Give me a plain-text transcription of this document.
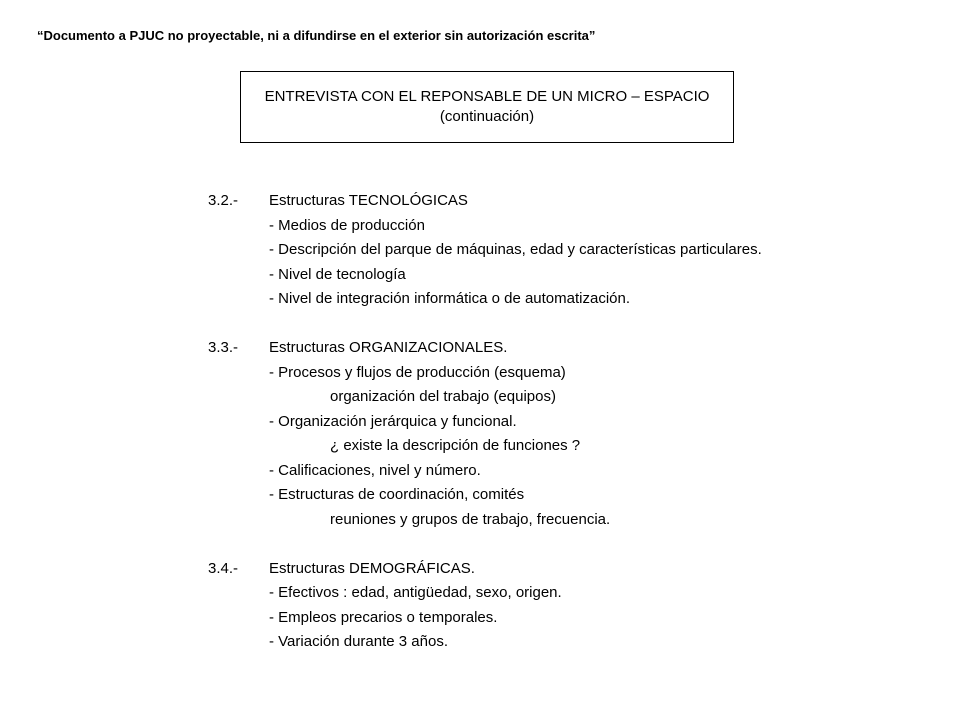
“Documento a PJUC no proyectable, ni a difundirse en el exterior sin autorización escrita”
ENTREVISTA CON EL REPONSABLE DE UN MICRO – ESPACIO
(continuación)
3.2.- Estructuras TECNOLÓGICAS
- Medios de producción
- Descripción del parque de máquinas, edad y características particulares.
- Nivel de tecnología
- Nivel de integración informática o de automatización.
3.3.- Estructuras ORGANIZACIONALES.
- Procesos y flujos de producción (esquema)
organización del trabajo (equipos)
- Organización jerárquica y funcional.
¿ existe la descripción de funciones ?
- Calificaciones, nivel y número.
- Estructuras de coordinación, comités
reuniones y grupos de trabajo, frecuencia.
3.4.- Estructuras DEMOGRÁFICAS.
- Efectivos : edad, antigüedad, sexo, origen.
- Empleos precarios o temporales.
- Variación durante 3 años.
